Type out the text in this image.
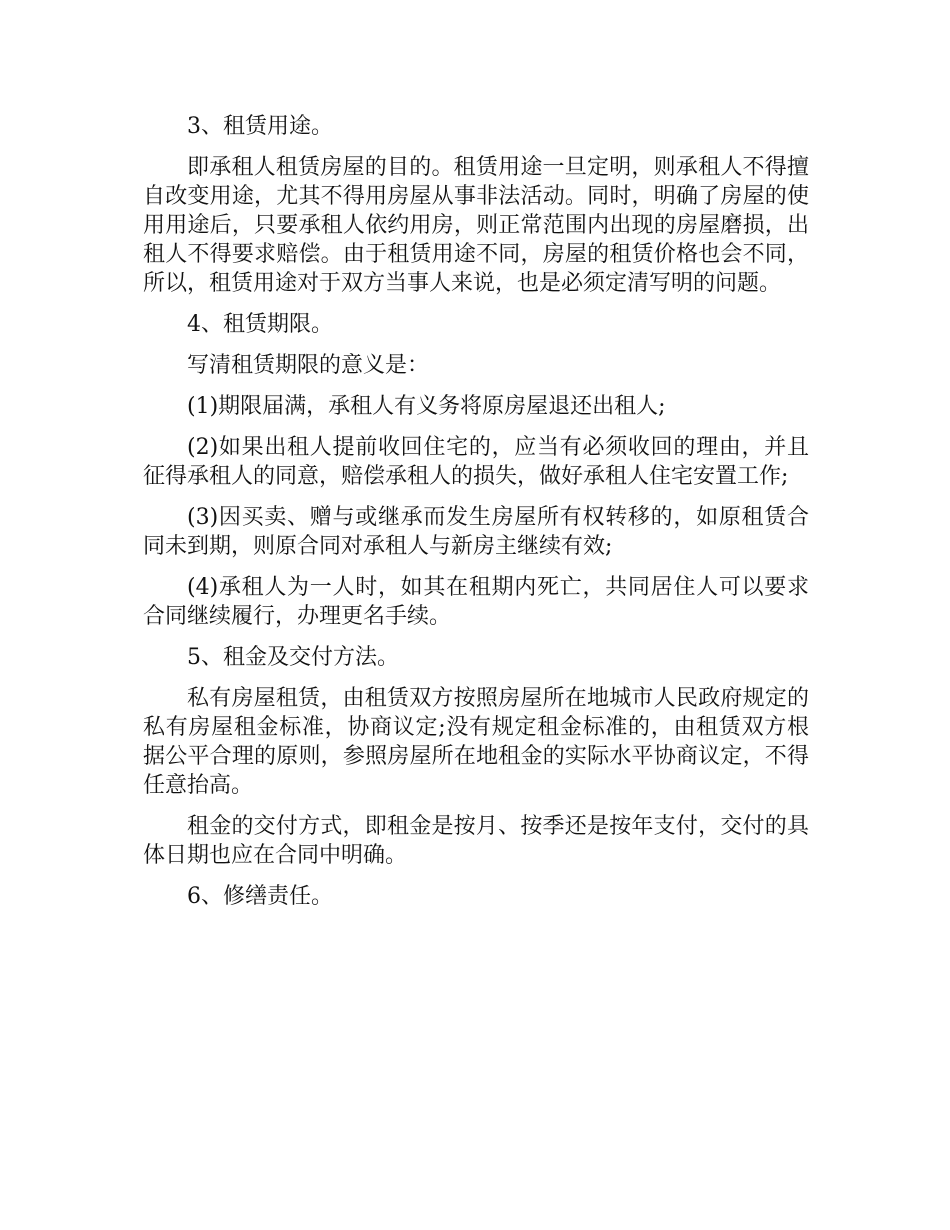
3、租赁用途。

即承租人租赁房屋的目的。租赁用途一旦定明，则承租人不得擅自改变用途，尤其不得用房屋从事非法活动。同时，明确了房屋的使用用途后，只要承租人依约用房，则正常范围内出现的房屋磨损，出租人不得要求赔偿。由于租赁用途不同，房屋的租赁价格也会不同，所以，租赁用途对于双方当事人来说，也是必须定清写明的问题。

4、租赁期限。

写清租赁期限的意义是：

(1)期限届满，承租人有义务将原房屋退还出租人;

(2)如果出租人提前收回住宅的，应当有必须收回的理由，并且征得承租人的同意，赔偿承租人的损失，做好承租人住宅安置工作;

(3)因买卖、赠与或继承而发生房屋所有权转移的，如原租赁合同未到期，则原合同对承租人与新房主继续有效;

(4)承租人为一人时，如其在租期内死亡，共同居住人可以要求合同继续履行，办理更名手续。

5、租金及交付方法。

私有房屋租赁，由租赁双方按照房屋所在地城市人民政府规定的私有房屋租金标准，协商议定;没有规定租金标准的，由租赁双方根据公平合理的原则，参照房屋所在地租金的实际水平协商议定，不得任意抬高。

租金的交付方式，即租金是按月、按季还是按年支付，交付的具体日期也应在合同中明确。

6、修缮责任。
